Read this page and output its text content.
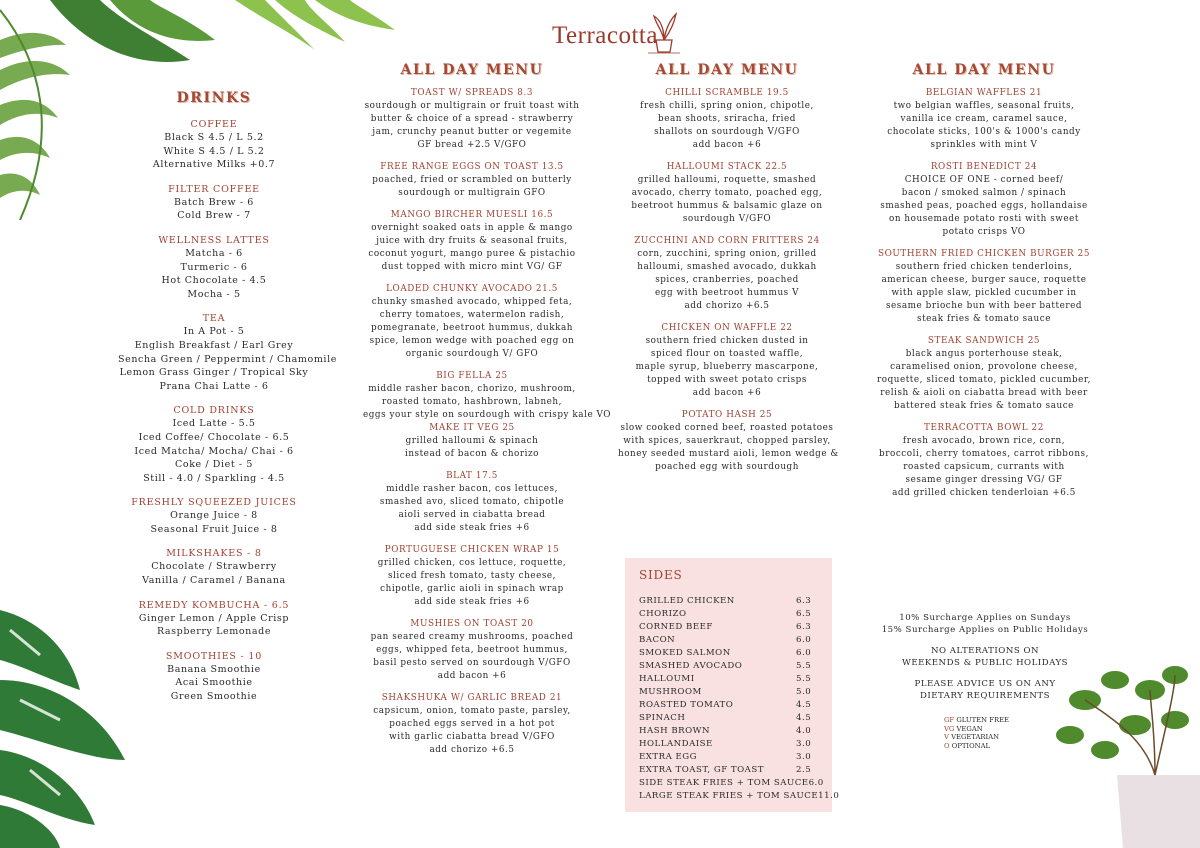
Terracotta
DRINKS
COFFEE
Black S 4.5 / L 5.2
White S 4.5 / L 5.2
Alternative Milks +0.7
FILTER COFFEE
Batch Brew - 6
Cold Brew - 7
WELLNESS LATTES
Matcha - 6
Turmeric - 6
Hot Chocolate - 4.5
Mocha - 5
TEA
In A Pot - 5
English Breakfast / Earl Grey
Sencha Green / Peppermint / Chamomile
Lemon Grass Ginger / Tropical Sky
Prana Chai Latte - 6
COLD DRINKS
Iced Latte - 5.5
Iced Coffee/ Chocolate - 6.5
Iced Matcha/ Mocha/ Chai - 6
Coke / Diet - 5
Still - 4.0 / Sparkling - 4.5
FRESHLY SQUEEZED JUICES
Orange Juice - 8
Seasonal Fruit Juice - 8
MILKSHAKES - 8
Chocolate / Strawberry
Vanilla / Caramel / Banana
REMEDY KOMBUCHA - 6.5
Ginger Lemon / Apple Crisp
Raspberry Lemonade
SMOOTHIES - 10
Banana Smoothie
Acai Smoothie
Green Smoothie
ALL DAY MENU
TOAST W/ SPREADS 8.3
sourdough or multigrain or fruit toast with
butter & choice of a spread - strawberry
jam, crunchy peanut butter or vegemite
GF bread +2.5 V/GFO
FREE RANGE EGGS ON TOAST 13.5
poached, fried or scrambled on butterly
sourdough or multigrain GFO
MANGO BIRCHER MUESLI 16.5
overnight soaked oats in apple & mango
juice with dry fruits & seasonal fruits,
coconut yogurt, mango puree & pistachio
dust topped with micro mint VG/ GF
LOADED CHUNKY AVOCADO 21.5
chunky smashed avocado, whipped feta,
cherry tomatoes, watermelon radish,
pomegranate, beetroot hummus, dukkah
spice, lemon wedge with poached egg on
organic sourdough V/ GFO
BIG FELLA 25
middle rasher bacon, chorizo, mushroom,
roasted tomato, hashbrown, labneh,
eggs your style on sourdough with crispy kale VO
MAKE IT VEG 25
grilled halloumi & spinach
instead of bacon & chorizo
BLAT 17.5
middle rasher bacon, cos lettuces,
smashed avo, sliced tomato, chipotle
aioli served in ciabatta bread
add side steak fries +6
PORTUGUESE CHICKEN WRAP 15
grilled chicken, cos lettuce, roquette,
sliced fresh tomato, tasty cheese,
chipotle, garlic aioli in spinach wrap
add side steak fries +6
MUSHIES ON TOAST 20
pan seared creamy mushrooms, poached
eggs, whipped feta, beetroot hummus,
basil pesto served on sourdough V/GFO
add bacon +6
SHAKSHUKA W/ GARLIC BREAD 21
capsicum, onion, tomato paste, parsley,
poached eggs served in a hot pot
with garlic ciabatta bread V/GFO
add chorizo +6.5
ALL DAY MENU
CHILLI SCRAMBLE 19.5
fresh chilli, spring onion, chipotle,
bean shoots, sriracha, fried
shallots on sourdough V/GFO
add bacon +6
HALLOUMI STACK 22.5
grilled halloumi, roquette, smashed
avocado, cherry tomato, poached egg,
beetroot hummus & balsamic glaze on
sourdough V/GFO
ZUCCHINI AND CORN FRITTERS 24
corn, zucchini, spring onion, grilled
halloumi, smashed avocado, dukkah
spices, cranberries, poached
egg with beetroot hummus V
add chorizo +6.5
CHICKEN ON WAFFLE 22
southern fried chicken dusted in
spiced flour on toasted waffle,
maple syrup, blueberry mascarpone,
topped with sweet potato crisps
add bacon +6
POTATO HASH 25
slow cooked corned beef, roasted potatoes
with spices, sauerkraut, chopped parsley,
honey seeded mustard aioli, lemon wedge &
poached egg with sourdough
ALL DAY MENU
BELGIAN WAFFLES 21
two belgian waffles, seasonal fruits,
vanilla ice cream, caramel sauce,
chocolate sticks, 100's & 1000's candy
sprinkles with mint V
ROSTI BENEDICT 24
CHOICE OF ONE - corned beef/
bacon / smoked salmon / spinach
smashed peas, poached eggs, hollandaise
on housemade potato rosti with sweet
potato crisps VO
SOUTHERN FRIED CHICKEN BURGER 25
southern fried chicken tenderloins,
american cheese, burger sauce, roquette
with apple slaw, pickled cucumber in
sesame brioche bun with beer battered
steak fries & tomato sauce
STEAK SANDWICH 25
black angus porterhouse steak,
caramelised onion, provolone cheese,
roquette, sliced tomato, pickled cucumber,
relish & aioli on ciabatta bread with beer
battered steak fries & tomato sauce
TERRACOTTA BOWL 22
fresh avocado, brown rice, corn,
broccoli, cherry tomatoes, carrot ribbons,
roasted capsicum, currants with
sesame ginger dressing VG/ GF
add grilled chicken tenderloian +6.5
SIDES
GRILLED CHICKEN	6.3
CHORIZO	6.5
CORNED BEEF	6.3
BACON	6.0
SMOKED SALMON	6.0
SMASHED AVOCADO	5.5
HALLOUMI	5.5
MUSHROOM	5.0
ROASTED TOMATO	4.5
SPINACH	4.5
HASH BROWN	4.0
HOLLANDAISE	3.0
EXTRA EGG	3.0
EXTRA TOAST, GF TOAST	2.5
SIDE STEAK FRIES + TOM SAUCE 6.0
LARGE STEAK FRIES + TOM SAUCE 11.0
10% Surcharge Applies on Sundays
15% Surcharge Applies on Public Holidays
NO ALTERATIONS ON
WEEKENDS & PUBLIC HOLIDAYS
PLEASE ADVICE US ON ANY
DIETARY REQUIREMENTS
GF GLUTEN FREE
VG VEGAN
V VEGETARIAN
O OPTIONAL
